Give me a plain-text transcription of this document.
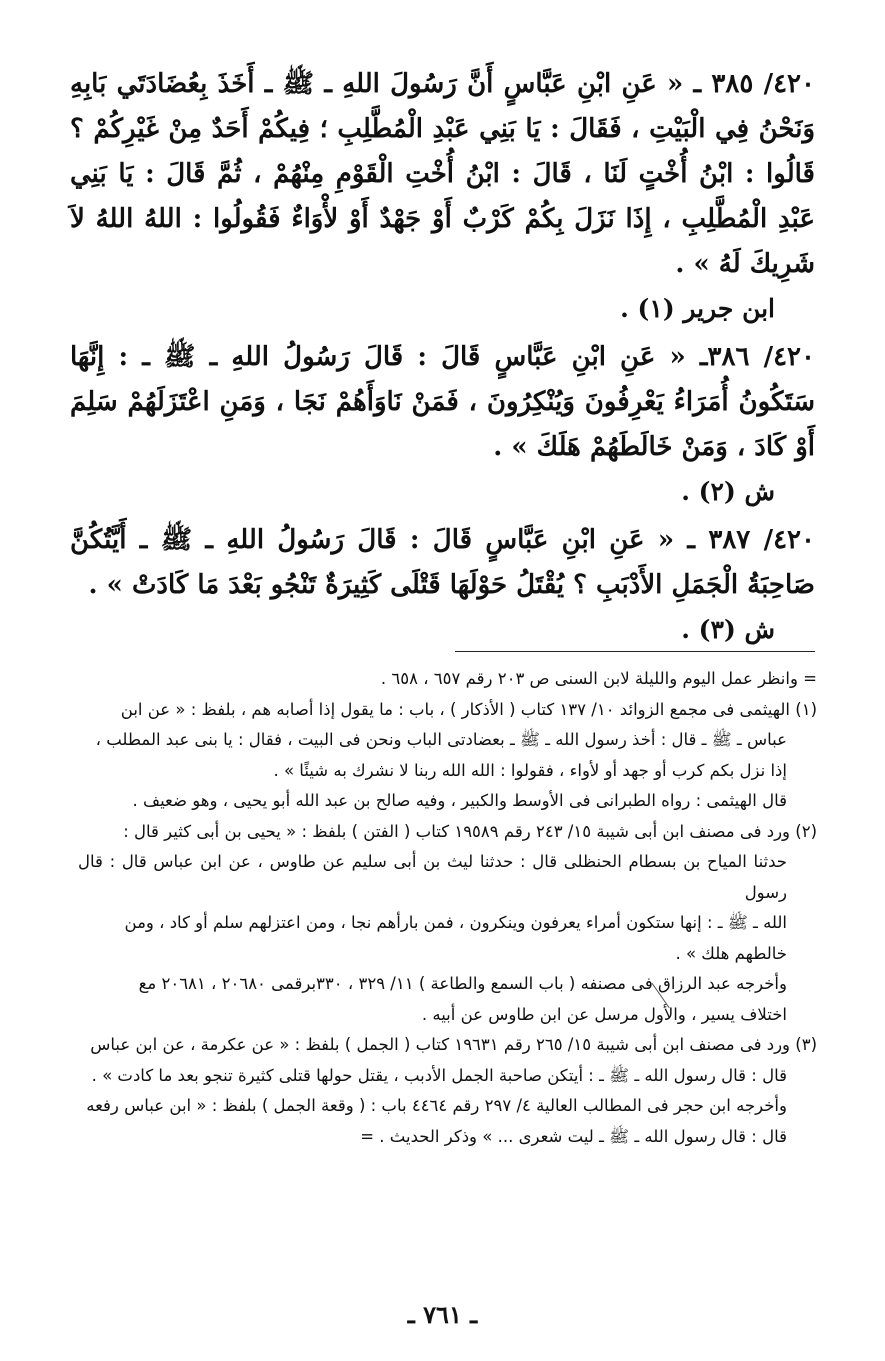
٤٢٠/ ٣٨٥ ـ « عَنِ ابْنِ عَبَّاسٍ أَنَّ رَسُولَ اللهِ ـ ﷺ ـ أَخَذَ بِعُضَادَتَي بَابِهِ وَنَحْنُ فِي الْبَيْتِ ، فَقَالَ : يَا بَنِي عَبْدِ الْمُطَّلِبِ ؛ فِيكُمْ أَحَدٌ مِنْ غَيْرِكُمْ ؟ قَالُوا : ابْنُ أُخْتٍ لَنَا ، قَالَ : ابْنُ أُخْتِ الْقَوْمِ مِنْهُمْ ، ثُمَّ قَالَ : يَا بَنِي عَبْدِ الْمُطَّلِبِ ، إِذَا نَزَلَ بِكُمْ كَرْبٌ أَوْ جَهْدٌ أَوْ لأْوَاءٌ فَقُولُوا : اللهُ اللهُ لاَ شَرِيكَ لَهُ » .

ابن جرير (١) .

٤٢٠/ ٣٨٦ـ « عَنِ ابْنِ عَبَّاسٍ قَالَ : قَالَ رَسُولُ اللهِ ـ ﷺ ـ : إِنَّهَا سَتَكُونُ أُمَرَاءُ يَعْرِفُونَ وَيُنْكِرُونَ ، فَمَنْ نَاوَأَهُمْ نَجَا ، وَمَنِ اعْتَزَلَهُمْ سَلِمَ أَوْ كَادَ ، وَمَنْ خَالَطَهُمْ هَلَكَ » .

ش (٢) .

٤٢٠/ ٣٨٧ ـ « عَنِ ابْنِ عَبَّاسٍ قَالَ : قَالَ رَسُولُ اللهِ ـ ﷺ ـ أَيَّتُكُنَّ صَاحِبَةُ الْجَمَلِ الأَدْبَبِ ؟ يُقْتَلُ حَوْلَهَا قَتْلَى كَثِيرَةٌ تَنْجُو بَعْدَ مَا كَادَتْ » .

ش (٣) .

= وانظر عمل اليوم والليلة لابن السنى ص ٢٠٣ رقم ٦٥٧ ، ٦٥٨ .
(١) الهيثمى فى مجمع الزوائد ١٠/ ١٣٧ كتاب ( الأذكار ) ، باب : ما يقول إذا أصابه هم ، بلفظ : « عن ابن
عباس ـ ﷺ ـ قال : أخذ رسول الله ـ ﷺ ـ بعضادتى الباب ونحن فى البيت ، فقال : يا بنى عبد المطلب ،
إذا نزل بكم كرب أو جهد أو لأواء ، فقولوا : الله الله ربنا لا نشرك به شيئًا » .
قال الهيثمى : رواه الطبرانى فى الأوسط والكبير ، وفيه صالح بن عبد الله أبو يحيى ، وهو ضعيف .
(٢) ورد فى مصنف ابن أبى شيبة ١٥/ ٢٤٣ رقم ١٩٥٨٩ كتاب ( الفتن ) بلفظ : « يحيى بن أبى كثير قال :
حدثنا المياح بن بسطام الحنظلى قال : حدثنا ليث بن أبى سليم عن طاوس ، عن ابن عباس قال : قال رسول
الله ـ ﷺ ـ : إنها ستكون أمراء يعرفون وينكرون ، فمن بارأهم نجا ، ومن اعتزلهم سلم أو كاد ، ومن
خالطهم هلك » .
وأخرجه عبد الرزاق فى مصنفه ( باب السمع والطاعة ) ١١/ ٣٢٩ ، ٣٣٠برقمى ٢٠٦٨٠ ، ٢٠٦٨١ مع
اختلاف يسير ، والأول مرسل عن ابن طاوس عن أبيه .
(٣) ورد فى مصنف ابن أبى شيبة ١٥/ ٢٦٥ رقم ١٩٦٣١ كتاب ( الجمل ) بلفظ : « عن عكرمة ، عن ابن عباس
قال : قال رسول الله ـ ﷺ ـ : أيتكن صاحبة الجمل الأدبب ، يقتل حولها قتلى كثيرة تنجو بعد ما كادت » .
وأخرجه ابن حجر فى المطالب العالية ٤/ ٢٩٧ رقم ٤٤٦٤ باب : ( وقعة الجمل ) بلفظ : « ابن عباس رفعه
قال : قال رسول الله ـ ﷺ ـ ليت شعرى ... » وذكر الحديث . =
ـ ٧٦١ ـ
